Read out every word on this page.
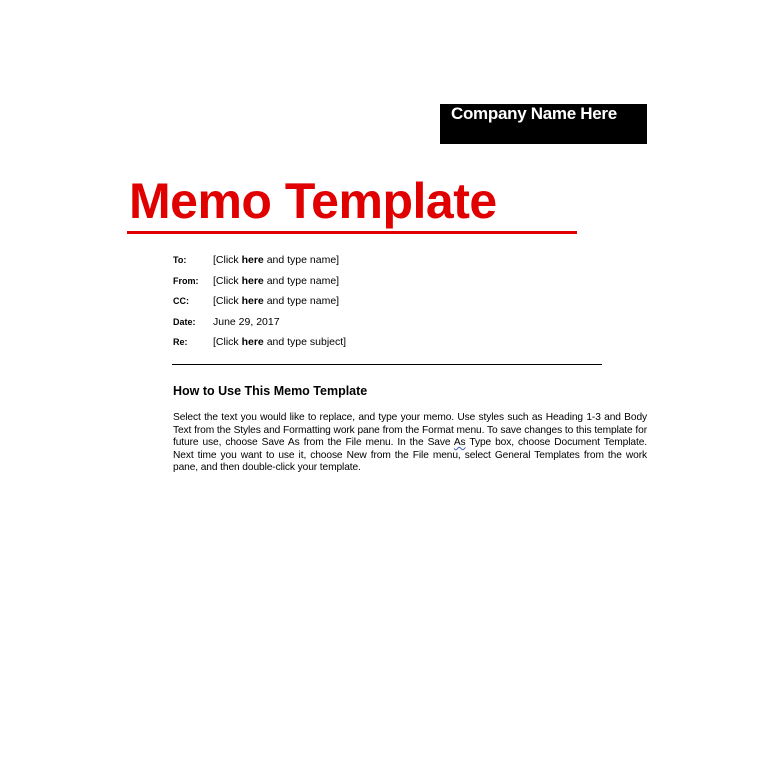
Company Name Here
Memo Template
To:	[Click here and type name]
From:	[Click here and type name]
CC:	[Click here and type name]
Date:	June 29, 2017
Re:	[Click here and type subject]
How to Use This Memo Template

Select the text you would like to replace, and type your memo. Use styles such as Heading 1-3 and Body Text from the Styles and Formatting work pane from the Format menu. To save changes to this template for future use, choose Save As from the File menu. In the Save As Type box, choose Document Template. Next time you want to use it, choose New from the File menu, select General Templates from the work pane, and then double-click your template.
